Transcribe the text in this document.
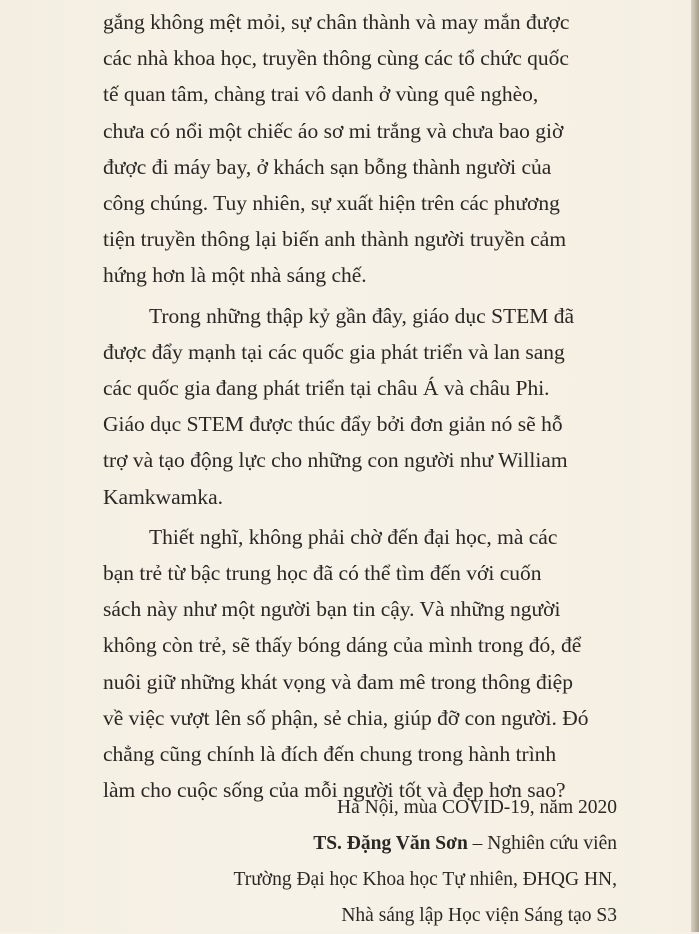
gắng không mệt mỏi, sự chân thành và may mắn được
các nhà khoa học, truyền thông cùng các tổ chức quốc
tế quan tâm, chàng trai vô danh ở vùng quê nghèo,
chưa có nổi một chiếc áo sơ mi trắng và chưa bao giờ
được đi máy bay, ở khách sạn bỗng thành người của
công chúng. Tuy nhiên, sự xuất hiện trên các phương
tiện truyền thông lại biến anh thành người truyền cảm
hứng hơn là một nhà sáng chế.
Trong những thập kỷ gần đây, giáo dục STEM đã
được đẩy mạnh tại các quốc gia phát triển và lan sang
các quốc gia đang phát triển tại châu Á và châu Phi.
Giáo dục STEM được thúc đẩy bởi đơn giản nó sẽ hỗ
trợ và tạo động lực cho những con người như William
Kamkwamka.
Thiết nghĩ, không phải chờ đến đại học, mà các
bạn trẻ từ bậc trung học đã có thể tìm đến với cuốn
sách này như một người bạn tin cậy. Và những người
không còn trẻ, sẽ thấy bóng dáng của mình trong đó, để
nuôi giữ những khát vọng và đam mê trong thông điệp
về việc vượt lên số phận, sẻ chia, giúp đỡ con người. Đó
chẳng cũng chính là đích đến chung trong hành trình
làm cho cuộc sống của mỗi người tốt và đẹp hơn sao?
Hà Nội, mùa COVID-19, năm 2020
TS. Đặng Văn Sơn – Nghiên cứu viên
Trường Đại học Khoa học Tự nhiên, ĐHQG HN,
Nhà sáng lập Học viện Sáng tạo S3
